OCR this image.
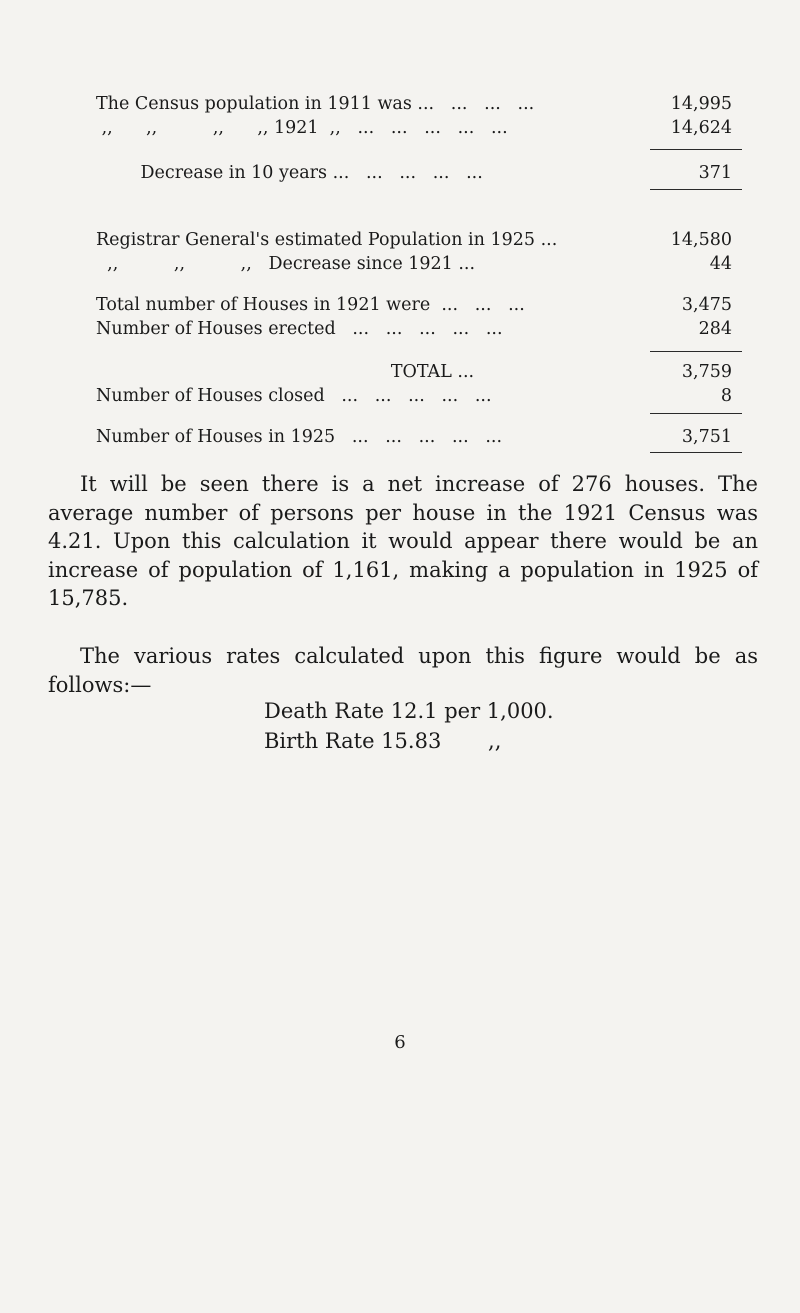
The Census population in 1911 was ...   ...   ...   ...	14,995
,,      ,,          ,,      ,, 1921  ,,   ...   ...   ...   ...   ...	14,624
Decrease in 10 years ...   ...   ...   ...   ...	371
Registrar General's estimated Population in 1925 ...	14,580
,,          ,,          ,,   Decrease since 1921 ...	44
Total number of Houses in 1921 were  ...   ...   ...	3,475
Number of Houses erected   ...   ...   ...   ...   ...	284
TOTAL ...	3,759
Number of Houses closed   ...   ...   ...   ...   ...	8
Number of Houses in 1925   ...   ...   ...   ...   ...	3,751

It will be seen there is a net increase of 276 houses. The average number of persons per house in the 1921 Census was 4.21. Upon this calculation it would appear there would be an increase of population of 1,161, making a population in 1925 of 15,785.

The various rates calculated upon this figure would be as follows:—

Death Rate 12.1 per 1,000.
Birth Rate 15.83       ,,
6
